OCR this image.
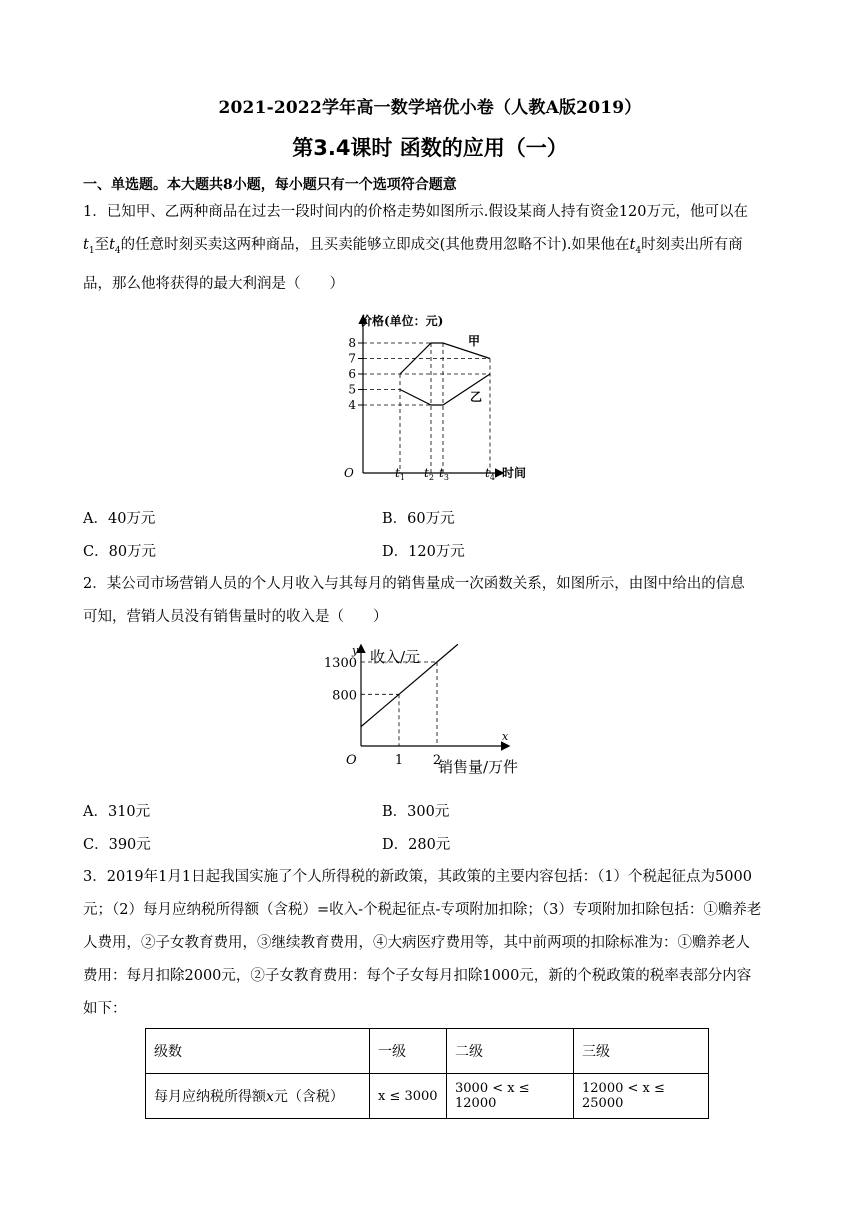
2021-2022学年高一数学培优小卷（人教A版2019）
第3.4课时 函数的应用（一）
一、单选题。本大题共8小题，每小题只有一个选项符合题意
1．已知甲、乙两种商品在过去一段时间内的价格走势如图所示.假设某商人持有资金120万元，他可以在
$t_1$至$t_4$的任意时刻买卖这两种商品，且买卖能够立即成交(其他费用忽略不计).如果他在$t_4$时刻卖出所有商
品，那么他将获得的最大利润是（　　）
价格(单位：元)
时间
O
4
5
6
7
8
$t_1$ $t_2$ $t_3$	$t_4$
甲
乙
A．40万元	B．60万元
C．80万元	D．120万元
2．某公司市场营销人员的个人月收入与其每月的销售量成一次函数关系，如图所示，由图中给出的信息
可知，营销人员没有销售量时的收入是（　　）
y
x
收入/元
销售量/万件
O
1300
800
1 2
A．310元	B．300元
C．390元	D．280元
3．2019年1月1日起我国实施了个人所得税的新政策，其政策的主要内容包括：（1）个税起征点为5000
元；（2）每月应纳税所得额（含税）=收入-个税起征点-专项附加扣除；（3）专项附加扣除包括：①赡养老
人费用，②子女教育费用，③继续教育费用，④大病医疗费用等，其中前两项的扣除标准为：①赡养老人
费用：每月扣除2000元，②子女教育费用：每个子女每月扣除1000元，新的个税政策的税率表部分内容
如下：
级数	一级	二级	三级
每月应纳税所得额x元（含税）	x ≤ 3000	3000 < x ≤ 12000	12000 < x ≤ 25000
